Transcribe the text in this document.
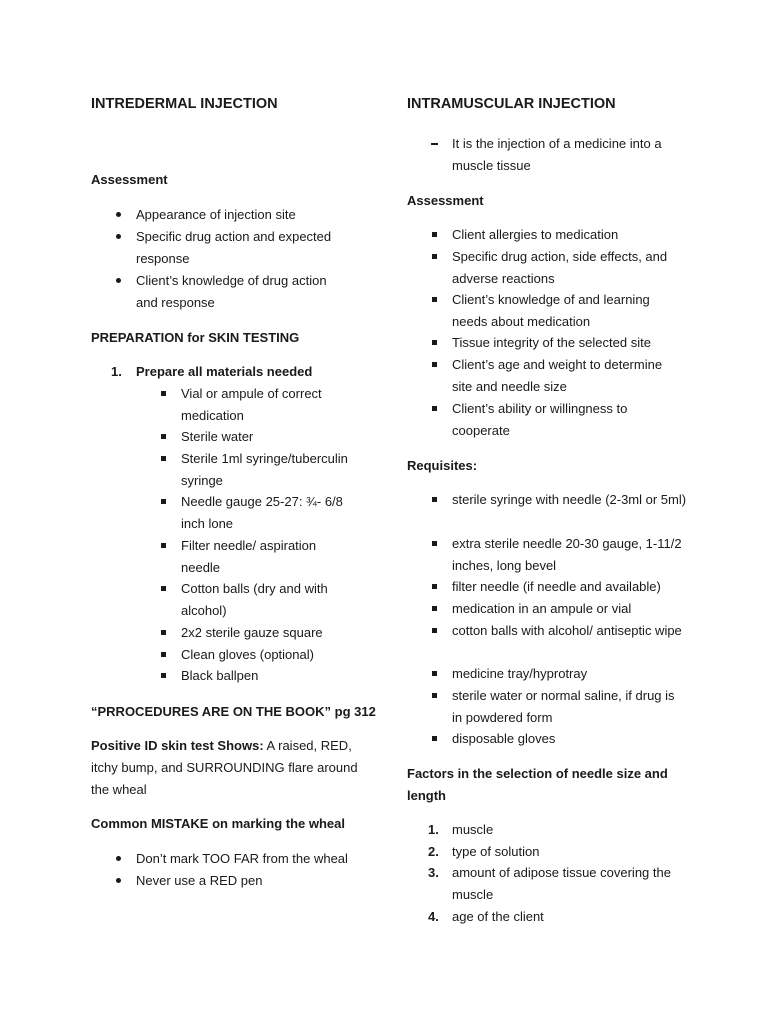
INTREDERMAL INJECTION
Assessment
Appearance of injection site
Specific drug action and expected response
Client’s knowledge of drug action and response
PREPARATION for SKIN TESTING
1. Prepare all materials needed
Vial or ampule of correct medication
Sterile water
Sterile 1ml syringe/tuberculin syringe
Needle gauge 25-27: ¾- 6/8 inch lone
Filter needle/ aspiration needle
Cotton balls (dry and with alcohol)
2x2 sterile gauze square
Clean gloves (optional)
Black ballpen
“PRROCEDURES ARE ON THE BOOK” pg 312
Positive ID skin test Shows: A raised, RED, itchy bump, and SURROUNDING flare around the wheal
Common MISTAKE on marking the wheal
Don’t mark TOO FAR from the wheal
Never use a RED pen
INTRAMUSCULAR INJECTION
It is the injection of a medicine into a muscle tissue
Assessment
Client allergies to medication
Specific drug action, side effects, and adverse reactions
Client’s knowledge of and learning needs about medication
Tissue integrity of the selected site
Client’s age and weight to determine site and needle size
Client’s ability or willingness to cooperate
Requisites:
sterile syringe with needle (2-3ml or 5ml)
extra sterile needle 20-30 gauge, 1-11/2 inches, long bevel
filter needle (if needle and available)
medication in an ampule or vial
cotton balls with alcohol/ antiseptic wipe
medicine tray/hyprotray
sterile water or normal saline, if drug is in powdered form
disposable gloves
Factors in the selection of needle size and length
1. muscle
2. type of solution
3. amount of adipose tissue covering the muscle
4. age of the client
